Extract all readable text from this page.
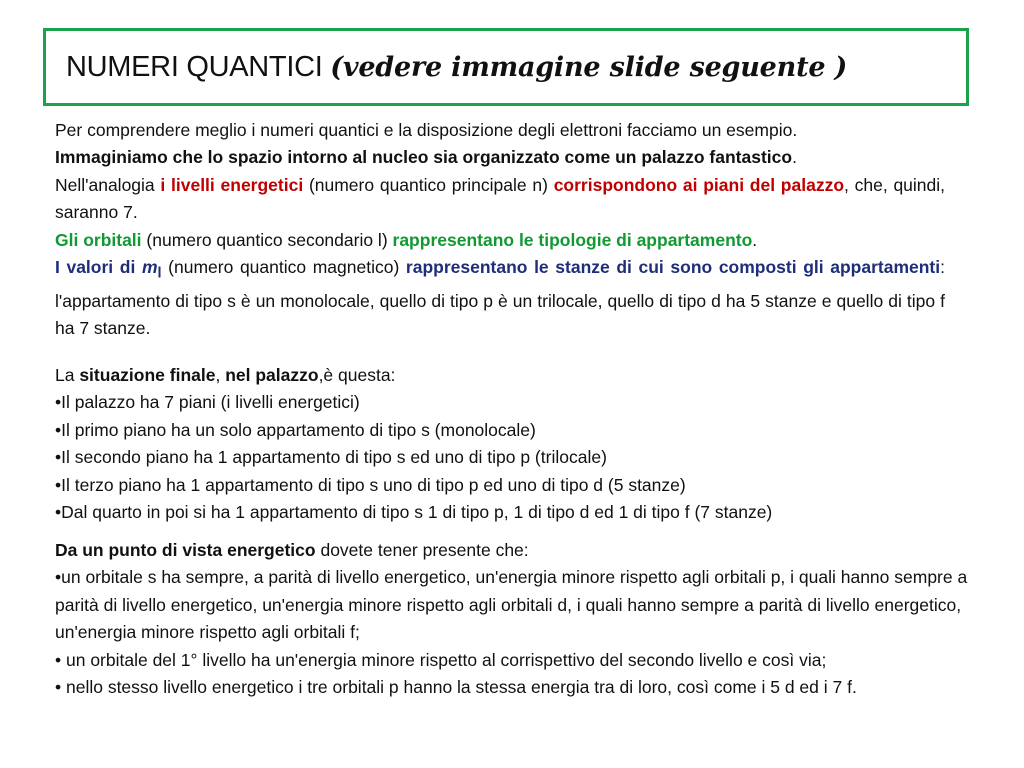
NUMERI QUANTICI (vedere immagine slide seguente )

Per comprendere meglio i numeri quantici e la disposizione degli elettroni facciamo un esempio.

Immaginiamo che lo spazio intorno al nucleo sia organizzato come un palazzo fantastico.

Nell'analogia i livelli energetici (numero quantico principale n) corrispondono ai piani del palazzo, che, quindi, saranno 7.

Gli orbitali (numero quantico secondario l) rappresentano le tipologie di appartamento.

I valori di $m_l$ (numero quantico magnetico) rappresentano le stanze di cui sono composti gli appartamenti: l'appartamento di tipo s è un monolocale, quello di tipo p è un trilocale, quello di tipo d ha 5 stanze e quello di tipo f ha 7 stanze.

La situazione finale, nel palazzo,è questa:

•Il palazzo ha 7 piani (i livelli energetici)

•Il primo piano ha un solo appartamento di tipo s (monolocale)

•Il secondo piano ha 1 appartamento di tipo s ed uno di tipo p (trilocale)

•Il terzo piano ha 1 appartamento di tipo s uno di tipo p ed uno di tipo d (5 stanze)

•Dal quarto in poi si ha 1 appartamento di tipo s 1 di tipo p, 1 di tipo d ed 1 di tipo f (7 stanze)

Da un punto di vista energetico dovete tener presente che:

•un orbitale s ha sempre, a parità di livello energetico, un'energia minore rispetto agli orbitali p, i quali hanno sempre a parità di livello energetico, un'energia minore rispetto agli orbitali d, i quali hanno sempre a parità di livello energetico, un'energia minore rispetto agli orbitali f;

• un orbitale del 1° livello ha un'energia minore rispetto al corrispettivo del secondo livello e così via;

• nello stesso livello energetico i tre orbitali p hanno la stessa energia tra di loro, così come i 5 d ed i 7 f.
